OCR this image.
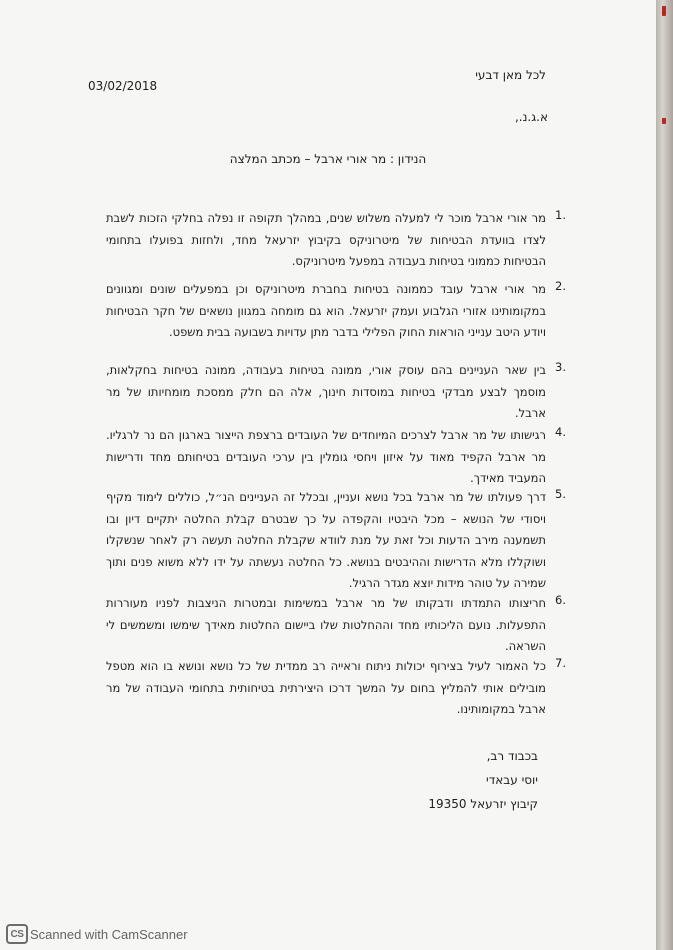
לכל מאן דבעי
03/02/2018
א.ג.נ.,
הנידון : מר אורי ארבל – מכתב המלצה
1.

מר אורי ארבל מוכר לי למעלה משלוש שנים, במהלך תקופה זו נפלה בחלקי הזכות לשבת לצדו בוועדת הבטיחות של מיטרוניקס בקיבוץ יזרעאל מחד, ולחזות בפועלו בתחומי הבטיחות כממוני בטיחות בעבודה במפעל מיטרוניקס.

2.

מר אורי ארבל עובד כממונה בטיחות בחברת מיטרוניקס וכן במפעלים שונים ומגוונים במקומותינו אזורי הגלבוע ועמק יזרעאל. הוא גם מומחה במגוון נושאים של חקר הבטיחות ויודע היטב ענייני הוראות החוק הפלילי בדבר מתן עדויות בשבועה בבית משפט.

3.

בין שאר העניינים בהם עוסק אורי, ממונה בטיחות בעבודה, ממונה בטיחות בחקלאות, מוסמך לבצע מבדקי בטיחות במוסדות חינוך, אלה הם חלק ממסכת מומחיותו של מר ארבל.

4.

רגישותו של מר ארבל לצרכים המיוחדים של העובדים ברצפת הייצור בארגון הם נר לרגליו. מר ארבל הקפיד מאוד על איזון ויחסי גומלין בין ערכי העובדים בטיחותם מחד ודרישות המעביד מאידך.

5.

דרך פעולתו של מר ארבל בכל נושא ועניין, ובכלל זה העניינים הנ״ל, כוללים לימוד מקיף ויסודי של הנושא – מכל היבטיו והקפדה על כך שבטרם קבלת החלטה יתקיים דיון ובו תשמענה מירב הדעות וכל זאת על מנת לוודא שקבלת החלטה תעשה רק לאחר שנשקלו ושוקללו מלא הדרישות וההיבטים בנושא. כל החלטה נעשתה על ידו ללא משוא פנים ותוך שמירה על טוהר מידות יוצא מגדר הרגיל.

6.

חריצותו התמדתו ודבקותו של מר ארבל במשימות ובמטרות הניצבות לפניו מעוררות התפעלות. נועם הליכותיו מחד וההחלטות שלו ביישום החלטות מאידך שימשו ומשמשים לי השראה.

7.

כל האמור לעיל בצירוף יכולות ניתוח וראייה רב ממדית של כל נושא ונושא בו הוא מטפל מובילים אותי להמליץ בחום על המשך דרכו היצירתית בטיחותית בתחומי העבודה של מר ארבל במקומותינו.

בכבוד רב,
יוסי עבאדי
קיבוץ יזרעאל 19350
CS Scanned with CamScanner
